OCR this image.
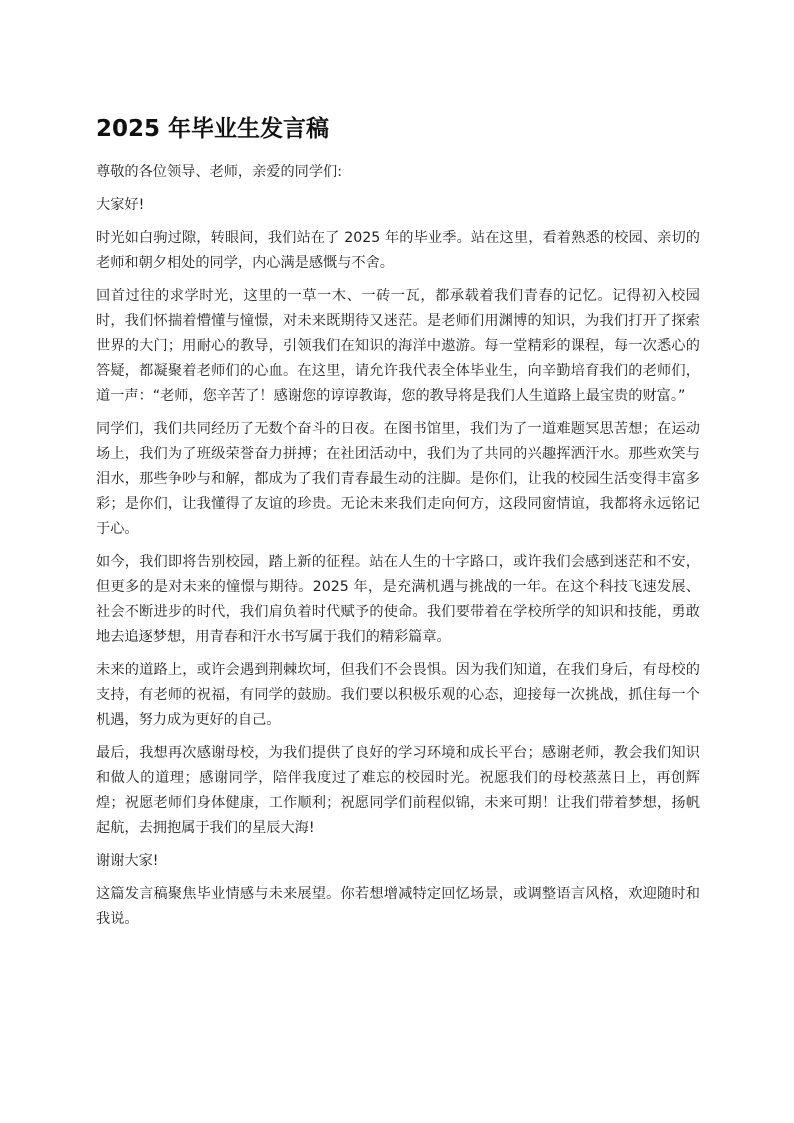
2025 年毕业生发言稿

尊敬的各位领导、老师，亲爱的同学们:

大家好!

时光如白驹过隙，转眼间，我们站在了 2025 年的毕业季。站在这里，看着熟悉的校园、亲切的老师和朝夕相处的同学，内心满是感慨与不舍。

回首过往的求学时光，这里的一草一木、一砖一瓦，都承载着我们青春的记忆。记得初入校园时，我们怀揣着懵懂与憧憬，对未来既期待又迷茫。是老师们用渊博的知识，为我们打开了探索世界的大门；用耐心的教导，引领我们在知识的海洋中遨游。每一堂精彩的课程，每一次悉心的答疑，都凝聚着老师们的心血。在这里，请允许我代表全体毕业生，向辛勤培育我们的老师们，道一声：“老师，您辛苦了！感谢您的谆谆教诲，您的教导将是我们人生道路上最宝贵的财富。”

同学们，我们共同经历了无数个奋斗的日夜。在图书馆里，我们为了一道难题冥思苦想；在运动场上，我们为了班级荣誉奋力拼搏；在社团活动中，我们为了共同的兴趣挥洒汗水。那些欢笑与泪水，那些争吵与和解，都成为了我们青春最生动的注脚。是你们，让我的校园生活变得丰富多彩；是你们，让我懂得了友谊的珍贵。无论未来我们走向何方，这段同窗情谊，我都将永远铭记于心。

如今，我们即将告别校园，踏上新的征程。站在人生的十字路口，或许我们会感到迷茫和不安，但更多的是对未来的憧憬与期待。2025 年，是充满机遇与挑战的一年。在这个科技飞速发展、社会不断进步的时代，我们肩负着时代赋予的使命。我们要带着在学校所学的知识和技能，勇敢地去追逐梦想，用青春和汗水书写属于我们的精彩篇章。

未来的道路上，或许会遇到荆棘坎坷，但我们不会畏惧。因为我们知道，在我们身后，有母校的支持，有老师的祝福，有同学的鼓励。我们要以积极乐观的心态，迎接每一次挑战，抓住每一个机遇，努力成为更好的自己。

最后，我想再次感谢母校，为我们提供了良好的学习环境和成长平台；感谢老师，教会我们知识和做人的道理；感谢同学，陪伴我度过了难忘的校园时光。祝愿我们的母校蒸蒸日上，再创辉煌；祝愿老师们身体健康，工作顺利；祝愿同学们前程似锦，未来可期！让我们带着梦想，扬帆起航，去拥抱属于我们的星辰大海!

谢谢大家!

这篇发言稿聚焦毕业情感与未来展望。你若想增减特定回忆场景，或调整语言风格，欢迎随时和我说。
